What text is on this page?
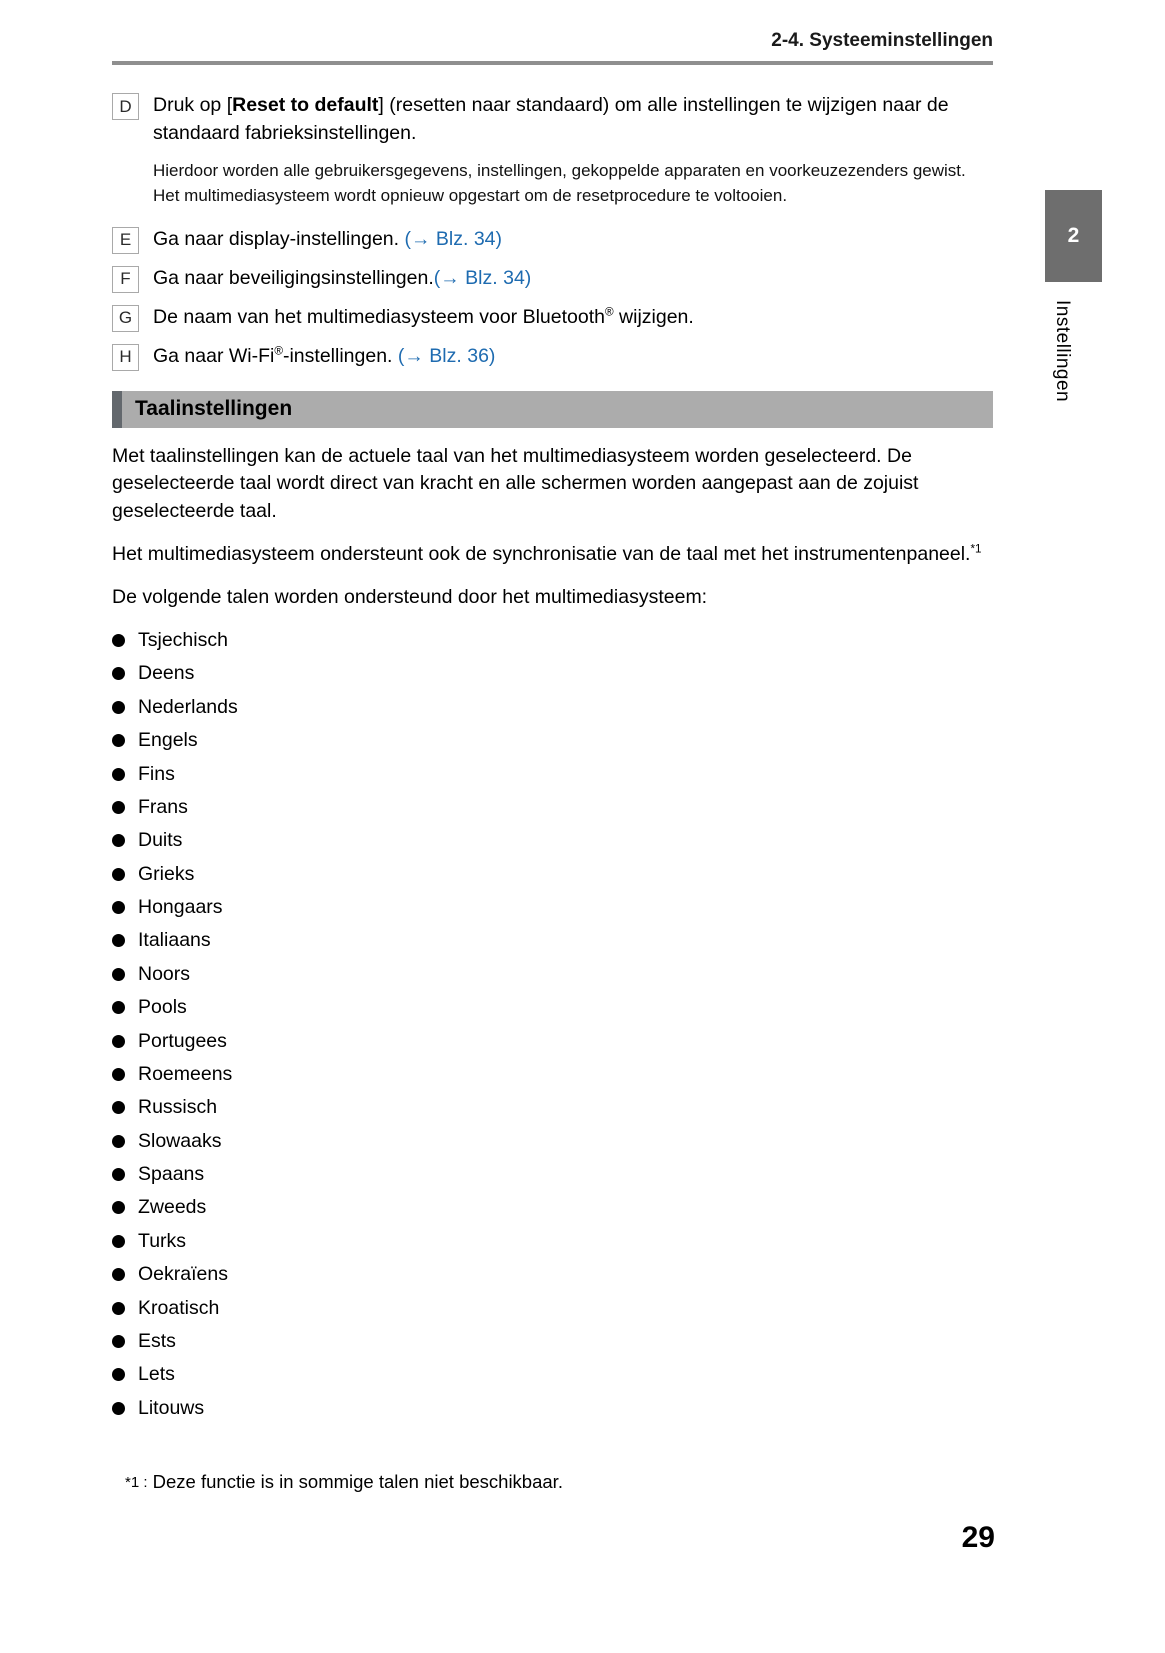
2-4. Systeeminstellingen
D Druk op [Reset to default] (resetten naar standaard) om alle instellingen te wijzigen naar de standaard fabrieksinstellingen.
Hierdoor worden alle gebruikersgegevens, instellingen, gekoppelde apparaten en voorkeuzezenders gewist. Het multimediasysteem wordt opnieuw opgestart om de resetprocedure te voltooien.
E Ga naar display-instellingen. (→ Blz. 34)
F Ga naar beveiligingsinstellingen.(→ Blz. 34)
G De naam van het multimediasysteem voor Bluetooth® wijzigen.
H Ga naar Wi-Fi®-instellingen. (→ Blz. 36)
Taalinstellingen

Met taalinstellingen kan de actuele taal van het multimediasysteem worden geselecteerd. De geselecteerde taal wordt direct van kracht en alle schermen worden aangepast aan de zojuist geselecteerde taal.

Het multimediasysteem ondersteunt ook de synchronisatie van de taal met het instrumentenpaneel.$^{*1}$

De volgende talen worden ondersteund door het multimediasysteem:

Tsjechisch
Deens
Nederlands
Engels
Fins
Frans
Duits
Grieks
Hongaars
Italiaans
Noors
Pools
Portugees
Roemeens
Russisch
Slowaaks
Spaans
Zweeds
Turks
Oekraïens
Kroatisch
Ests
Lets
Litouws
*1 : Deze functie is in sommige talen niet beschikbaar.
2
Instellingen
29
